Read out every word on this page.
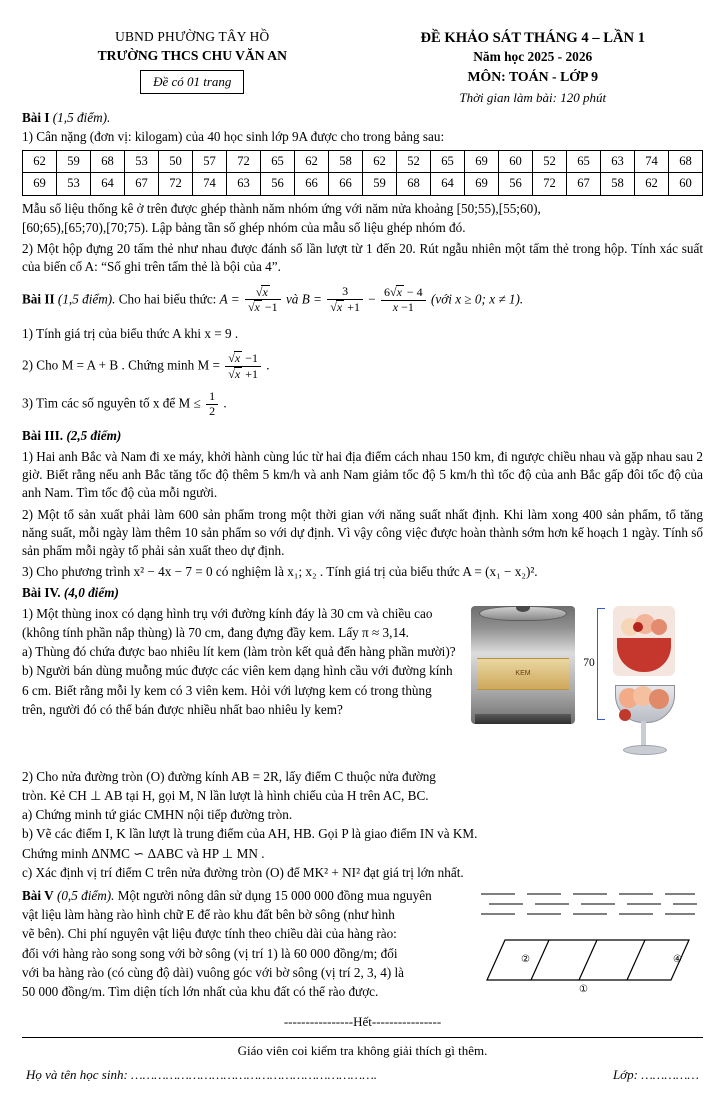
UBND PHƯỜNG TÂY HỒ
TRƯỜNG THCS CHU VĂN AN
Đề có 01 trang
ĐỀ KHẢO SÁT THÁNG 4 – LẦN 1
Năm học 2025 - 2026
MÔN: TOÁN - LỚP 9
Thời gian làm bài: 120 phút

Bài I (1,5 điểm).

1) Cân nặng (đơn vị: kilogam) của 40 học sinh lớp 9A được cho trong bảng sau:

62	59	68	53	50	57	72	65	62	58	62	52	65	69	60	52	65	63	74	68
69	53	64	67	72	74	63	56	66	66	59	68	64	69	56	72	67	58	62	60

Mẫu số liệu thống kê ở trên được ghép thành năm nhóm ứng với năm nửa khoảng [50;55),[55;60),

[60;65),[65;70),[70;75). Lập bảng tần số ghép nhóm của mẫu số liệu ghép nhóm đó.

2) Một hộp đựng 20 tấm thẻ như nhau được đánh số lần lượt từ 1 đến 20. Rút ngẫu nhiên một tấm thẻ trong hộp. Tính xác suất của biến cố A: “Số ghi trên tấm thẻ là bội của 4”.

Bài II (1,5 điểm). Cho hai biểu thức: $A = \frac{√x}{√x -1}$ và $B = \frac{3}{√x +1} - \frac{6√x - 4}{x -1}$ (với x ≥ 0; x ≠ 1).

1) Tính giá trị của biểu thức A khi x = 9 .

2) Cho M = A + B . Chứng minh $M = \frac{√x -1}{√x +1}$ .

3) Tìm các số nguyên tố x để $M \le \frac{1}{2}$ .

Bài III. (2,5 điểm)

1) Hai anh Bắc và Nam đi xe máy, khởi hành cùng lúc từ hai địa điểm cách nhau 150 km, đi ngược chiều nhau và gặp nhau sau 2 giờ. Biết rằng nếu anh Bắc tăng tốc độ thêm 5 km/h và anh Nam giảm tốc độ 5 km/h thì tốc độ của anh Bắc gấp đôi tốc độ của anh Nam. Tìm tốc độ của mỗi người.

2) Một tổ sản xuất phải làm 600 sản phẩm trong một thời gian với năng suất nhất định. Khi làm xong 400 sản phẩm, tổ tăng năng suất, mỗi ngày làm thêm 10 sản phẩm so với dự định. Vì vậy công việc được hoàn thành sớm hơn kế hoạch 1 ngày. Tính số sản phẩm mỗi ngày tổ phải sản xuất theo dự định.

3) Cho phương trình x² − 4x − 7 = 0 có nghiệm là x₁; x₂ . Tính giá trị của biểu thức A = (x₁ − x₂)².

Bài IV. (4,0 điểm)

1) Một thùng inox có dạng hình trụ với đường kính đáy là 30 cm và chiều cao

(không tính phần nắp thùng) là 70 cm, đang đựng đầy kem. Lấy π ≈ 3,14.

a) Thùng đó chứa được bao nhiêu lít kem (làm tròn kết quả đến hàng phần mười)?

b) Người bán dùng muỗng múc được các viên kem dạng hình cầu với đường kính

6 cm. Biết rằng mỗi ly kem có 3 viên kem. Hỏi với lượng kem có trong thùng

trên, người đó có thể bán được nhiều nhất bao nhiêu ly kem?

KEM
70

2) Cho nửa đường tròn (O) đường kính AB = 2R, lấy điểm C thuộc nửa đường

tròn. Kẻ CH ⊥ AB tại H, gọi M, N lần lượt là hình chiếu của H trên AC, BC.

a) Chứng minh tứ giác CMHN nội tiếp đường tròn.

b) Vẽ các điểm I, K lần lượt là trung điểm của AH, HB. Gọi P là giao điểm IN và KM.

Chứng minh ΔNMC ∽ ΔABC và HP ⊥ MN .

c) Xác định vị trí điểm C trên nửa đường tròn (O) để MK² + NI² đạt giá trị lớn nhất.

Bài V (0,5 điểm). Một người nông dân sử dụng 15 000 000 đồng mua nguyên

vật liệu làm hàng rào hình chữ E để rào khu đất bên bờ sông (như hình

vẽ bên). Chi phí nguyên vật liệu được tính theo chiều dài của hàng rào:

đối với hàng rào song song với bờ sông (vị trí 1) là 60 000 đồng/m; đối

với ba hàng rào (có cùng độ dài) vuông góc với bờ sông (vị trí 2, 3, 4) là

50 000 đồng/m. Tìm diện tích lớn nhất của khu đất có thể rào được.

②	④
①
----------------Hết----------------
Giáo viên coi kiểm tra không giải thích gì thêm.
Họ và tên học sinh: ……………………………………………………….	Lớp: ……………
